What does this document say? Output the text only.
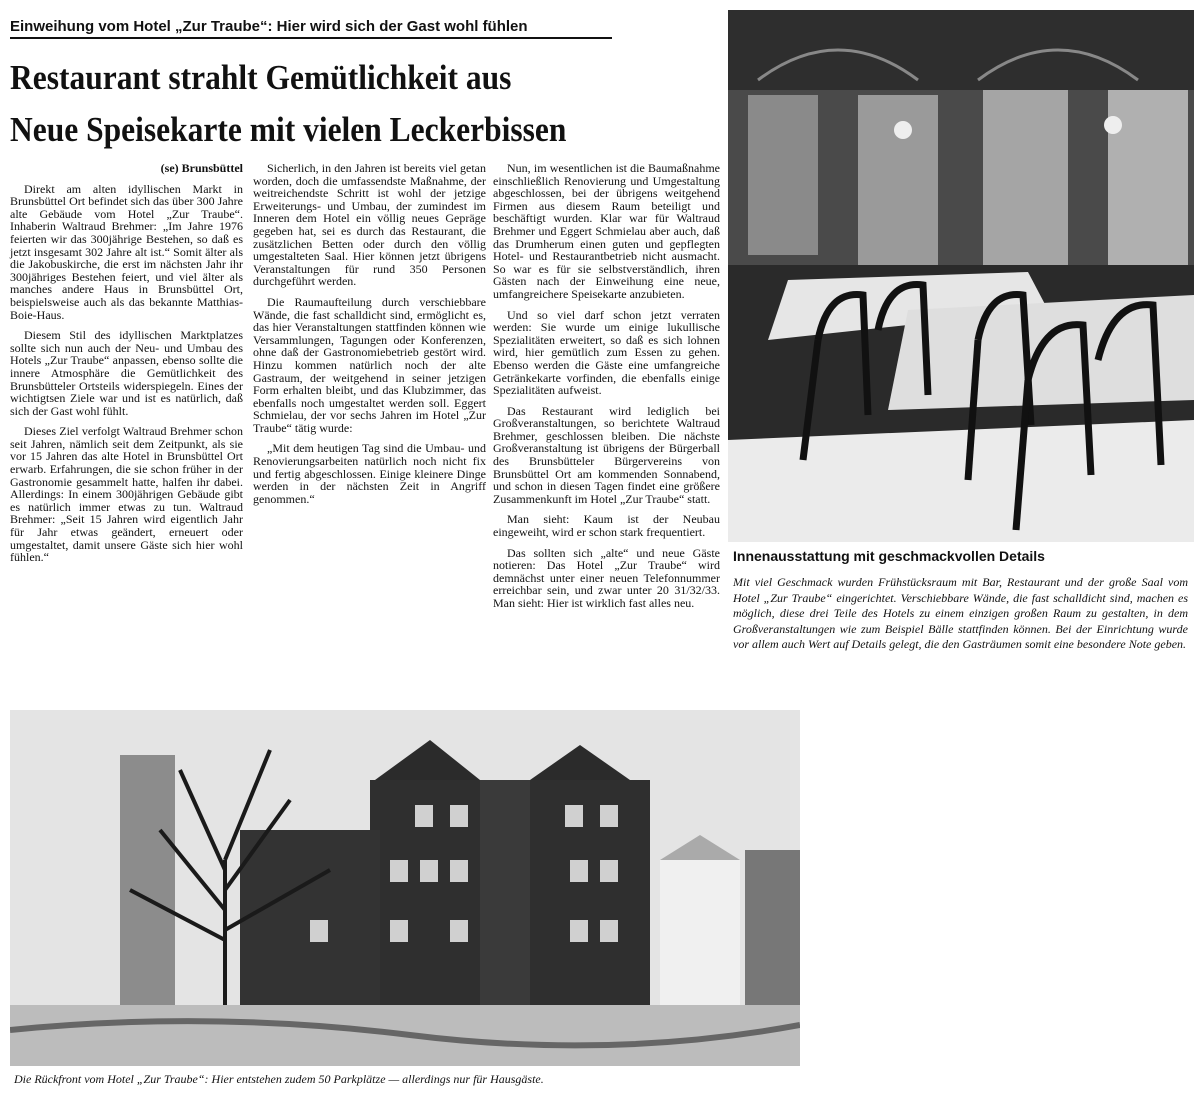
Einweihung vom Hotel „Zur Traube“: Hier wird sich der Gast wohl fühlen
Restaurant strahlt Gemütlichkeit aus
Neue Speisekarte mit vielen Leckerbissen
(se) Brunsbüttel

Direkt am alten idyllischen Markt in Brunsbüttel Ort befindet sich das über 300 Jahre alte Gebäude vom Hotel „Zur Traube“. Inhaberin Waltraud Brehmer: „Im Jahre 1976 feierten wir das 300jährige Bestehen, so daß es jetzt insgesamt 302 Jahre alt ist.“ Somit älter als die Jakobuskirche, die erst im nächsten Jahr ihr 300jähriges Bestehen feiert, und viel älter als manches andere Haus in Brunsbüttel Ort, beispielsweise auch als das bekannte Matthias-Boie-Haus.

Diesem Stil des idyllischen Marktplatzes sollte sich nun auch der Neu- und Umbau des Hotels „Zur Traube“ anpassen, ebenso sollte die innere Atmosphäre die Gemütlichkeit des Brunsbütteler Ortsteils widerspiegeln. Eines der wichtigtsen Ziele war und ist es natürlich, daß sich der Gast wohl fühlt.

Dieses Ziel verfolgt Waltraud Brehmer schon seit Jahren, nämlich seit dem Zeitpunkt, als sie vor 15 Jahren das alte Hotel in Brunsbüttel Ort erwarb. Erfahrungen, die sie schon früher in der Gastronomie gesammelt hatte, halfen ihr dabei. Allerdings: In einem 300jährigen Gebäude gibt es natürlich immer etwas zu tun. Waltraud Brehmer: „Seit 15 Jahren wird eigentlich Jahr für Jahr etwas geändert, erneuert oder umgestaltet, damit unsere Gäste sich hier wohl fühlen.“

Sicherlich, in den Jahren ist bereits viel getan worden, doch die umfassendste Maßnahme, der weitreichendste Schritt ist wohl der jetzige Erweiterungs- und Umbau, der zumindest im Inneren dem Hotel ein völlig neues Gepräge gegeben hat, sei es durch das Restaurant, die zusätzlichen Betten oder durch den völlig umgestalteten Saal. Hier können jetzt übrigens Veranstaltungen für rund 350 Personen durchgeführt werden.

Die Raumaufteilung durch verschiebbare Wände, die fast schalldicht sind, ermöglicht es, das hier Veranstaltungen stattfinden können wie Versammlungen, Tagungen oder Konferenzen, ohne daß der Gastronomiebetrieb gestört wird. Hinzu kommen natürlich noch der alte Gastraum, der weitgehend in seiner jetzigen Form erhalten bleibt, und das Klubzimmer, das ebenfalls noch umgestaltet werden soll. Eggert Schmielau, der vor sechs Jahren im Hotel „Zur Traube“ tätig wurde:

„Mit dem heutigen Tag sind die Umbau- und Renovierungsarbeiten natürlich noch nicht fix und fertig abgeschlossen. Einige kleinere Dinge werden in der nächsten Zeit in Angriff genommen.“

Nun, im wesentlichen ist die Baumaßnahme einschließlich Renovierung und Umgestaltung abgeschlossen, bei der übrigens weitgehend Firmen aus diesem Raum beteiligt und beschäftigt wurden. Klar war für Waltraud Brehmer und Eggert Schmielau aber auch, daß das Drumherum einen guten und gepflegten Hotel- und Restaurantbetrieb nicht ausmacht. So war es für sie selbstverständlich, ihren Gästen nach der Einweihung eine neue, umfangreichere Speisekarte anzubieten.

Und so viel darf schon jetzt verraten werden: Sie wurde um einige lukullische Spezialitäten erweitert, so daß es sich lohnen wird, hier gemütlich zum Essen zu gehen. Ebenso werden die Gäste eine umfangreiche Getränkekarte vorfinden, die ebenfalls einige Spezialitäten aufweist.

Das Restaurant wird lediglich bei Großveranstaltungen, so berichtete Waltraud Brehmer, geschlossen bleiben. Die nächste Großveranstaltung ist übrigens der Bürgerball des Brunsbütteler Bürgervereins von Brunsbüttel Ort am kommenden Sonnabend, und schon in diesen Tagen findet eine größere Zusammenkunft im Hotel „Zur Traube“ statt.

Man sieht: Kaum ist der Neubau eingeweiht, wird er schon stark frequentiert.

Das sollten sich „alte“ und neue Gäste notieren: Das Hotel „Zur Traube“ wird demnächst unter einer neuen Telefonnummer erreichbar sein, und zwar unter 20 31/32/33. Man sieht: Hier ist wirklich fast alles neu.

Innenausstattung mit geschmackvollen Details
Mit viel Geschmack wurden Frühstücksraum mit Bar, Restaurant und der große Saal vom Hotel „Zur Traube“ eingerichtet. Verschiebbare Wände, die fast schalldicht sind, machen es möglich, diese drei Teile des Hotels zu einem einzigen großen Raum zu gestalten, in dem Großveranstaltungen wie zum Beispiel Bälle stattfinden können. Bei der Einrichtung wurde vor allem auch Wert auf Details gelegt, die den Gasträumen somit eine besondere Note geben.
Die Rückfront vom Hotel „Zur Traube“: Hier entstehen zudem 50 Parkplätze — allerdings nur für Hausgäste.
